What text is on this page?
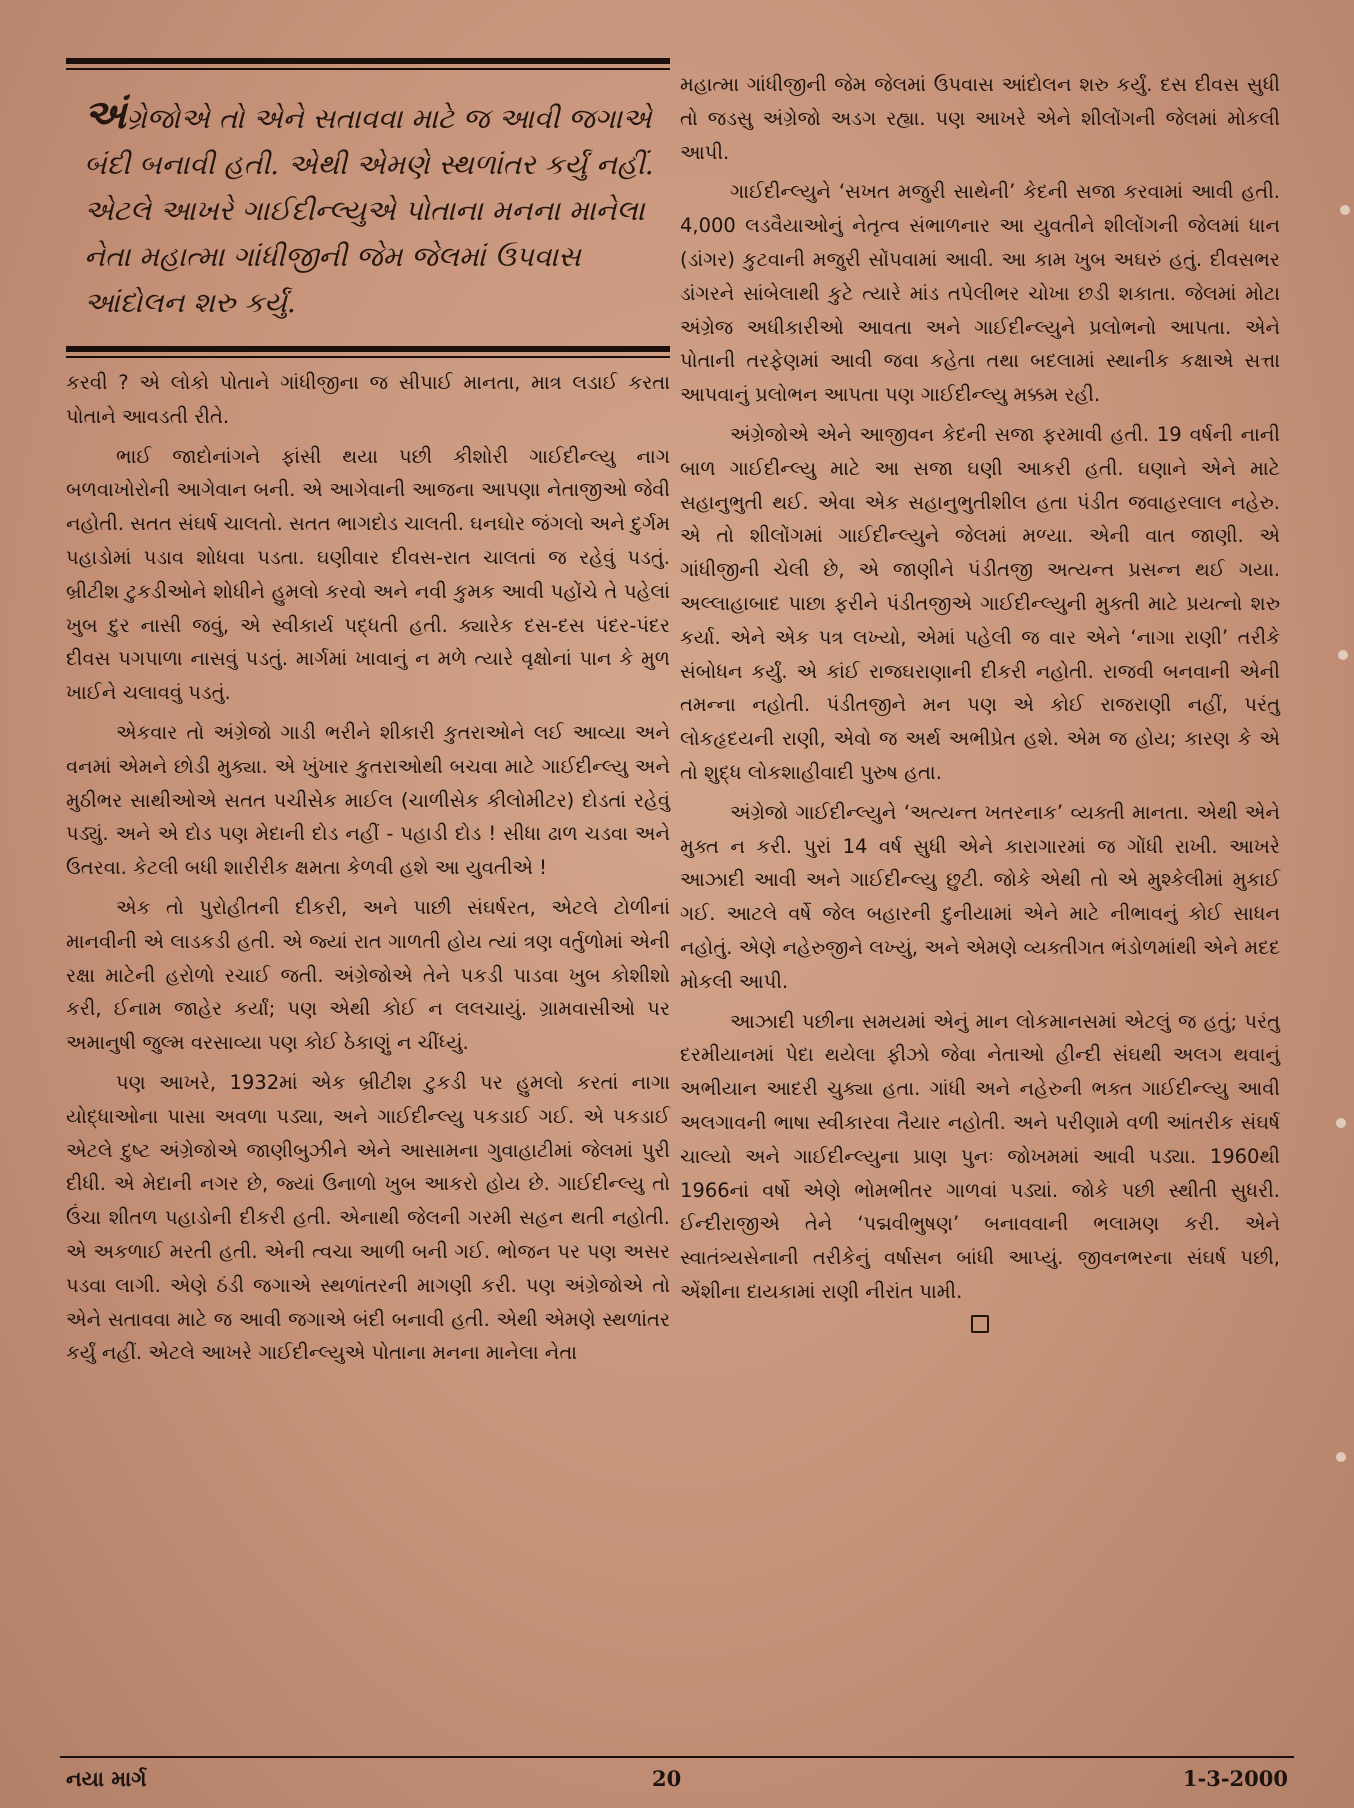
અંગ્રેજોએ તો એને સતાવવા માટે જ આવી જગાએ બંદી બનાવી હતી. એથી એમણે સ્થળાંતર કર્યું નહીં. એટલે આખરે ગાઈદીન્લ્યુએ પોતાના મનના માનેલા નેતા મહાત્મા ગાંધીજીની જેમ જેલમાં ઉપવાસ આંદોલન શરુ કર્યું.

કરવી ? એ લોકો પોતાને ગાંધીજીના જ સીપાઈ માનતા, માત્ર લડાઈ કરતા પોતાને આવડતી રીતે.

ભાઈ જાદોનાંગને ફાંસી થયા પછી કીશોરી ગાઈદીન્લ્યુ નાગ બળવાખોરોની આગેવાન બની. એ આગેવાની આજના આપણા નેતાજીઓ જેવી નહોતી. સતત સંઘર્ષ ચાલતો. સતત ભાગદોડ ચાલતી. ઘનઘોર જંગલો અને દુર્ગમ પહાડોમાં પડાવ શોધવા પડતા. ઘણીવાર દીવસ-રાત ચાલતાં જ રહેવું પડતું. બ્રીટીશ ટુકડીઓને શોધીને હુમલો કરવો અને નવી કુમક આવી પહોંચે તે પહેલાં ખુબ દુર નાસી જવું, એ સ્વીકાર્ય પદ્ધતી હતી. ક્યારેક દસ-દસ પંદર-પંદર દીવસ પગપાળા નાસવું પડતું. માર્ગમાં ખાવાનું ન મળે ત્યારે વૃક્ષોનાં પાન કે મુળ ખાઈને ચલાવવું પડતું.

એકવાર તો અંગ્રેજો ગાડી ભરીને શીકારી કુતરાઓને લઈ આવ્યા અને વનમાં એમને છોડી મુક્યા. એ ખુંખાર કુતરાઓથી બચવા માટે ગાઈદીન્લ્યુ અને મુઠીભર સાથીઓએ સતત પચીસેક માઈલ (ચાળીસેક કીલોમીટર) દોડતાં રહેવું પડ્યું. અને એ દોડ પણ મેદાની દોડ નહીં - પહાડી દોડ ! સીધા ઢાળ ચડવા અને ઉતરવા. કેટલી બધી શારીરીક ક્ષમતા કેળવી હશે આ યુવતીએ !

એક તો પુરોહીતની દીકરી, અને પાછી સંઘર્ષરત, એટલે ટોળીનાં માનવીની એ લાડકડી હતી. એ જ્યાં રાત ગાળતી હોય ત્યાં ત્રણ વર્તુળોમાં એની રક્ષા માટેની હરોળો રચાઈ જતી. અંગ્રેજોએ તેને પકડી પાડવા ખુબ કોશીશો કરી, ઈનામ જાહેર કર્યાં; પણ એથી કોઈ ન લલચાયું. ગ્રામવાસીઓ પર અમાનુષી જુલ્મ વરસાવ્યા પણ કોઈ ઠેકાણું ન ચીંધ્યું.

પણ આખરે, 1932માં એક બ્રીટીશ ટુકડી પર હુમલો કરતાં નાગા યોદ્ધાઓના પાસા અવળા પડ્યા, અને ગાઈદીન્લ્યુ પકડાઈ ગઈ. એ પકડાઈ એટલે દુષ્ટ અંગ્રેજોએ જાણીબુઝીને એને આસામના ગુવાહાટીમાં જેલમાં પુરી દીધી. એ મેદાની નગર છે, જ્યાં ઉનાળો ખુબ આકરો હોય છે. ગાઈદીન્લ્યુ તો ઉંચા શીતળ પહાડોની દીકરી હતી. એનાથી જેલની ગરમી સહન થતી નહોતી. એ અકળાઈ મરતી હતી. એની ત્વચા આળી બની ગઈ. ભોજન પર પણ અસર પડવા લાગી. એણે ઠંડી જગાએ સ્થળાંતરની માગણી કરી. પણ અંગ્રેજોએ તો એને સતાવવા માટે જ આવી જગાએ બંદી બનાવી હતી. એથી એમણે સ્થળાંતર કર્યું નહીં. એટલે આખરે ગાઈદીન્લ્યુએ પોતાના મનના માનેલા નેતા

મહાત્મા ગાંધીજીની જેમ જેલમાં ઉપવાસ આંદોલન શરુ કર્યું. દસ દીવસ સુધી તો જડસુ અંગ્રેજો અડગ રહ્યા. પણ આખરે એને શીલોંગની જેલમાં મોકલી આપી.

ગાઈદીન્લ્યુને ‘સખત મજુરી સાથેની’ કેદની સજા કરવામાં આવી હતી. 4,000 લડવૈયાઓનું નેતૃત્વ સંભાળનાર આ યુવતીને શીલોંગની જેલમાં ધાન (ડાંગર) કુટવાની મજુરી સોંપવામાં આવી. આ કામ ખુબ અઘરું હતું. દીવસભર ડાંગરને સાંબેલાથી કુટે ત્યારે માંડ તપેલીભર ચોખા છડી શકાતા. જેલમાં મોટા અંગ્રેજ અધીકારીઓ આવતા અને ગાઈદીન્લ્યુને પ્રલોભનો આપતા. એને પોતાની તરફેણમાં આવી જવા કહેતા તથા બદલામાં સ્થાનીક કક્ષાએ સત્તા આપવાનું પ્રલોભન આપતા પણ ગાઈદીન્લ્યુ મક્કમ રહી.

અંગ્રેજોએ એને આજીવન કેદની સજા ફરમાવી હતી. 19 વર્ષની નાની બાળ ગાઈદીન્લ્યુ માટે આ સજા ઘણી આકરી હતી. ઘણાને એને માટે સહાનુભુતી થઈ. એવા એક સહાનુભુતીશીલ હતા પંડીત જવાહરલાલ નહેરુ. એ તો શીલોંગમાં ગાઈદીન્લ્યુને જેલમાં મળ્યા. એની વાત જાણી. એ ગાંધીજીની ચેલી છે, એ જાણીને પંડીતજી અત્યન્ત પ્રસન્ન થઈ ગયા. અલ્લાહાબાદ પાછા ફરીને પંડીતજીએ ગાઈદીન્લ્યુની મુક્તી માટે પ્રયત્નો શરુ કર્યા. એને એક પત્ર લખ્યો, એમાં પહેલી જ વાર એને ‘નાગા રાણી’ તરીકે સંબોધન કર્યું. એ કાંઈ રાજઘરાણાની દીકરી નહોતી. રાજવી બનવાની એની તમન્ના નહોતી. પંડીતજીને મન પણ એ કોઈ રાજરાણી નહીં, પરંતુ લોકહૃદયની રાણી, એવો જ અર્થ અભીપ્રેત હશે. એમ જ હોય; કારણ કે એ તો શુદ્ધ લોકશાહીવાદી પુરુષ હતા.

અંગ્રેજો ગાઈદીન્લ્યુને ‘અત્યન્ત ખતરનાક’ વ્યક્તી માનતા. એથી એને મુક્ત ન કરી. પુરાં 14 વર્ષ સુધી એને કારાગારમાં જ ગોંધી રાખી. આખરે આઝાદી આવી અને ગાઈદીન્લ્યુ છુટી. જોકે એથી તો એ મુશ્કેલીમાં મુકાઈ ગઈ. આટલે વર્ષે જેલ બહારની દુનીયામાં એને માટે નીભાવનું કોઈ સાધન નહોતું. એણે નહેરુજીને લખ્યું, અને એમણે વ્યક્તીગત ભંડોળમાંથી એને મદદ મોકલી આપી.

આઝાદી પછીના સમયમાં એનું માન લોકમાનસમાં એટલું જ હતું; પરંતુ દરમીયાનમાં પેદા થયેલા ફીઝો જેવા નેતાઓ હીન્દી સંઘથી અલગ થવાનું અભીયાન આદરી ચુક્યા હતા. ગાંધી અને નહેરુની ભક્ત ગાઈદીન્લ્યુ આવી અલગાવની ભાષા સ્વીકારવા તૈયાર નહોતી. અને પરીણામે વળી આંતરીક સંઘર્ષ ચાલ્યો અને ગાઈદીન્લ્યુના પ્રાણ પુનઃ જોખમમાં આવી પડ્યા. 1960થી 1966નાં વર્ષો એણે ભોમભીતર ગાળવાં પડ્યાં. જોકે પછી સ્થીતી સુધરી. ઈન્દીરાજીએ તેને ‘પદ્મવીભુષણ’ બનાવવાની ભલામણ કરી. એને સ્વાતંત્ર્યસેનાની તરીકેનું વર્ષાસન બાંધી આપ્યું. જીવનભરના સંઘર્ષ પછી, એંશીના દાયકામાં રાણી નીરાંત પામી.

નયા માર્ગ	20	1-3-2000
